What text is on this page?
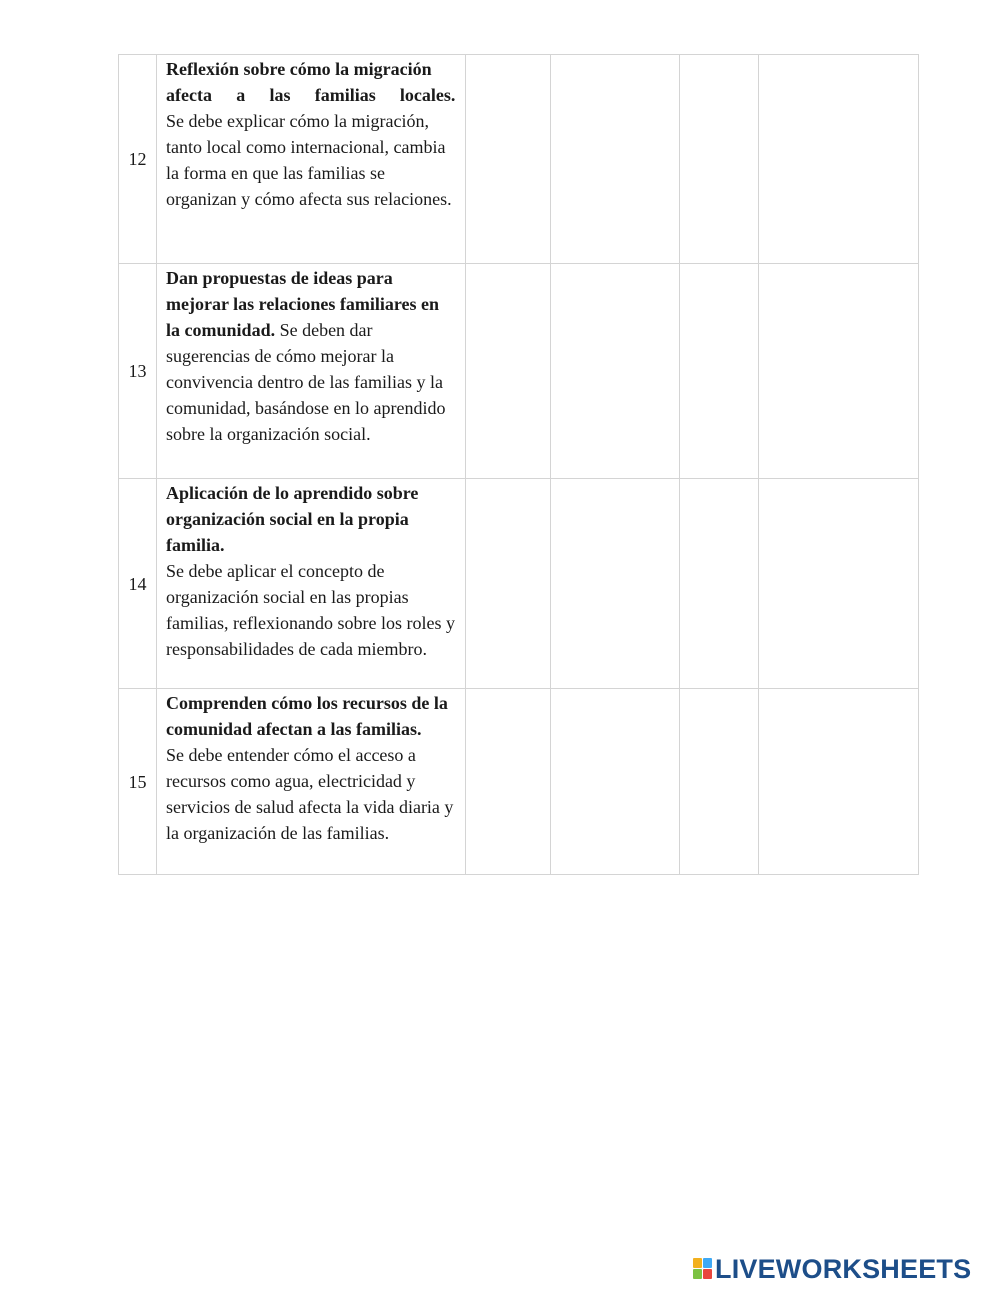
12	Reflexión sobre cómo la migración

afecta a las familias locales.
Se debe explicar cómo la migración, tanto local como internacional, cambia la forma en que las familias se organizan y cómo afecta sus relaciones.				
13	Dan propuestas de ideas para mejorar las relaciones familiares en la comunidad. Se deben dar sugerencias de cómo mejorar la convivencia dentro de las familias y la comunidad, basándose en lo aprendido sobre la organización social.				
14	Aplicación de lo aprendido sobre organización social en la propia familia.
Se debe aplicar el concepto de organización social en las propias familias, reflexionando sobre los roles y responsabilidades de cada miembro.				
15	Comprenden cómo los recursos de la comunidad afectan a las familias.
Se debe entender cómo el acceso a recursos como agua, electricidad y servicios de salud afecta la vida diaria y la organización de las familias.				
LIVEWORKSHEETS
